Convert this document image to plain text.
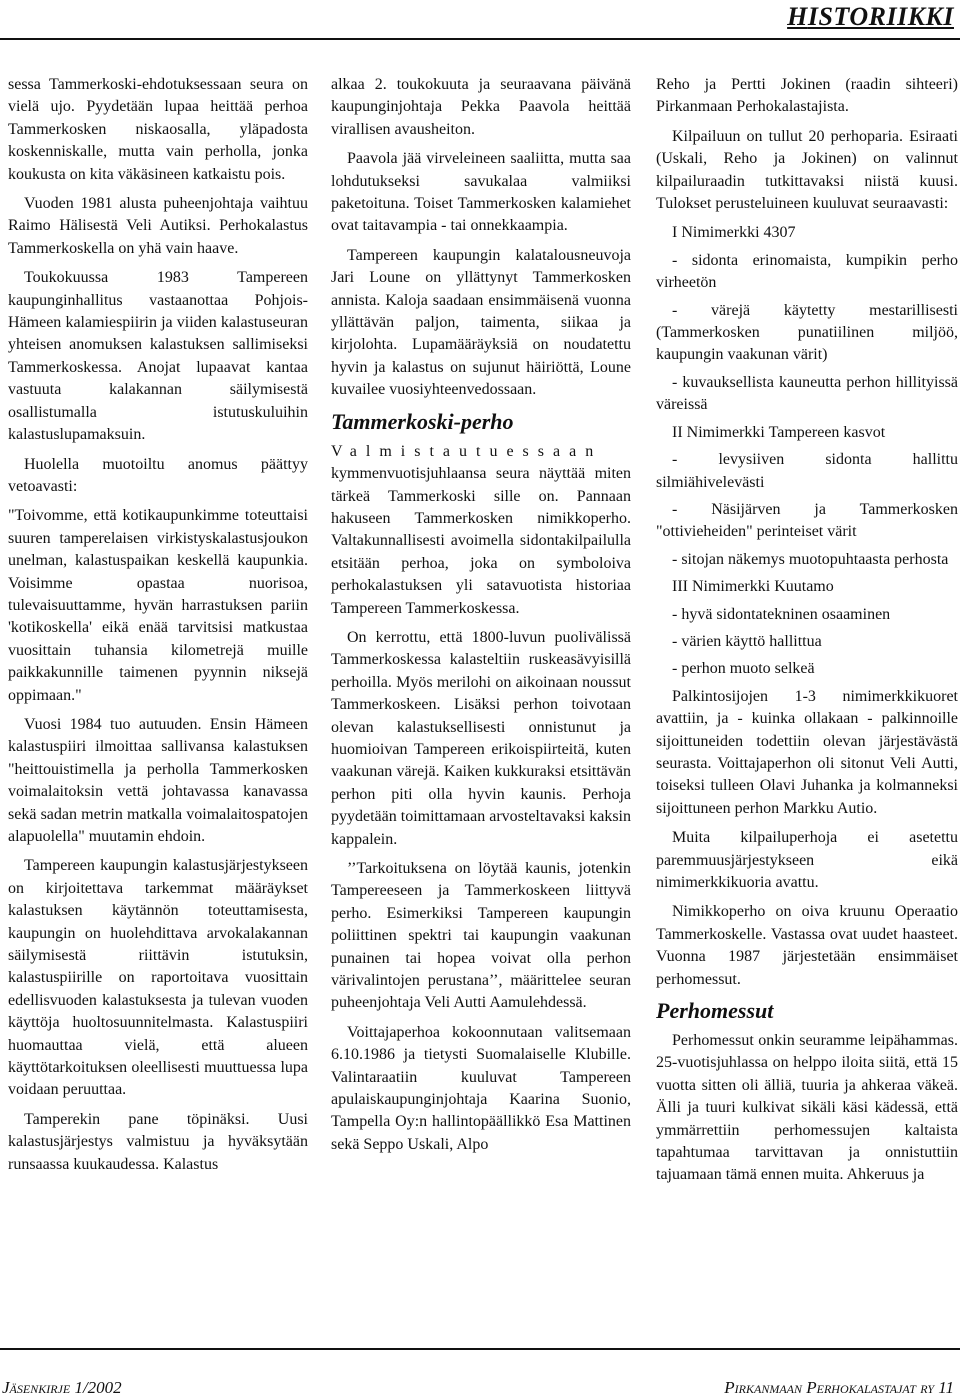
HISTORIIKKI

sessa Tammerkoski-ehdotuksessaan seura on vielä ujo. Pyydetään lupaa heittää perhoa Tammerkosken niskaosalla, yläpadosta koskenniskalle, mutta vain perholla, jonka koukusta on kita väkäsineen katkaistu pois.

Vuoden 1981 alusta puheenjohtaja vaihtuu Raimo Hälisestä Veli Autiksi. Perhokalastus Tammerkoskella on yhä vain haave.

Toukokuussa 1983 Tampereen kaupunginhallitus vastaanottaa Pohjois-Hämeen kalamiespiirin ja viiden kalastuseuran yhteisen anomuksen kalastuksen sallimiseksi Tammerkoskessa. Anojat lupaavat kantaa vastuuta kalakannan säilymisestä osallistumalla istutuskuluihin kalastuslupamaksuin.

Huolella muotoiltu anomus päättyy vetoavasti:

"Toivomme, että kotikaupunkimme toteuttaisi suuren tamperelaisen virkistyskalastusjoukon unelman, kalastuspaikan keskellä kaupunkia. Voisimme opastaa nuorisoa, tulevaisuuttamme, hyvän harrastuksen pariin 'kotikoskella' eikä enää tarvitsisi matkustaa vuosittain tuhansia kilometrejä muille paikkakunnille taimenen pyynnin niksejä oppimaan."

Vuosi 1984 tuo autuuden. Ensin Hämeen kalastuspiiri ilmoittaa sallivansa kalastuksen "heittouistimella ja perholla Tammerkosken voimalaitoksin vettä johtavassa kanavassa sekä sadan metrin matkalla voimalaitospatojen alapuolella" muutamin ehdoin.

Tampereen kaupungin kalastusjärjestykseen on kirjoitettava tarkemmat määräykset kalastuksen käytännön toteuttamisesta, kaupungin on huolehdittava arvokalakannan säilymisestä riittävin istutuksin, kalastuspiirille on raportoitava vuosittain edellisvuoden kalastuksesta ja tulevan vuoden käyttöja huoltosuunnitelmasta. Kalastuspiiri huomauttaa vielä, että alueen käyttötarkoituksen oleellisesti muuttuessa lupa voidaan peruuttaa.

Tamperekin pane töpinäksi. Uusi kalastusjärjestys valmistuu ja hyväksytään runsaassa kuukaudessa. Kalastus

alkaa 2. toukokuuta ja seuraavana päivänä kaupunginjohtaja Pekka Paavola heittää virallisen avausheiton.

Paavola jää virveleineen saaliitta, mutta saa lohdutukseksi savukalaa valmiiksi paketoituna. Toiset Tammerkosken kalamiehet ovat taitavampia - tai onnekkaampia.

Tampereen kaupungin kalatalousneuvoja Jari Loune on yllättynyt Tammerkosken annista. Kaloja saadaan ensimmäisenä vuonna yllättävän paljon, taimenta, siikaa ja kirjolohta. Lupamääräyksiä on noudatettu hyvin ja kalastus on sujunut häiriöttä, Loune kuvailee vuosiyhteenvedossaan.

Tammerkoski-perho

Valmistautuessaan kymmenvuotisjuhlaansa seura näyttää miten tärkeä Tammerkoski sille on. Pannaan hakuseen Tammerkosken nimikkoperho. Valtakunnallisesti avoimella sidontakilpailulla etsitään perhoa, joka on symboloiva perhokalastuksen yli satavuotista historiaa Tampereen Tammerkoskessa.

On kerrottu, että 1800-luvun puolivälissä Tammerkoskessa kalasteltiin ruskeasävyisillä perhoilla. Myös merilohi on aikoinaan noussut Tammerkoskeen. Lisäksi perhon toivotaan olevan kalastuksellisesti onnistunut ja huomioivan Tampereen erikoispiirteitä, kuten vaakunan värejä. Kaiken kukkuraksi etsittävän perhon piti olla hyvin kaunis. Perhoja pyydetään toimittamaan arvosteltavaksi kaksin kappalein.

’’Tarkoituksena on löytää kaunis, jotenkin Tampereeseen ja Tammerkoskeen liittyvä perho. Esimerkiksi Tampereen kaupungin poliittinen spektri tai kaupungin vaakunan punainen tai hopea voivat olla perhon värivalintojen perustana’’, määrittelee seuran puheenjohtaja Veli Autti Aamulehdessä.

Voittajaperhoa kokoonnutaan valitsemaan 6.10.1986 ja tietysti Suomalaiselle Klubille. Valintaraatiin kuuluvat Tampereen apulaiskaupunginjohtaja Kaarina Suonio, Tampella Oy:n hallintopäällikkö Esa Mattinen sekä Seppo Uskali, Alpo

Reho ja Pertti Jokinen (raadin sihteeri) Pirkanmaan Perhokalastajista.

Kilpailuun on tullut 20 perhoparia. Esiraati (Uskali, Reho ja Jokinen) on valinnut kilpailuraadin tutkittavaksi niistä kuusi. Tulokset perusteluineen kuuluvat seuraavasti:

I Nimimerkki 4307

- sidonta erinomaista, kumpikin perho virheetön

- värejä käytetty mestarillisesti (Tammerkosken punatiilinen miljöö, kaupungin vaakunan värit)

- kuvauksellista kauneutta perhon hillityissä väreissä

II Nimimerkki Tampereen kasvot

- levysiiven sidonta hallittu silmiähivelevästi

- Näsijärven ja Tammerkosken "ottivieheiden" perinteiset värit

- sitojan näkemys muotopuhtaasta perhosta

III Nimimerkki Kuutamo

- hyvä sidontatekninen osaaminen

- värien käyttö hallittua

- perhon muoto selkeä

Palkintosijojen 1-3 nimimerkkikuoret avattiin, ja - kuinka ollakaan - palkinnoille sijoittuneiden todettiin olevan järjestävästä seurasta. Voittajaperhon oli sitonut Veli Autti, toiseksi tulleen Olavi Juhanka ja kolmanneksi sijoittuneen perhon Markku Autio.

Muita kilpailuperhoja ei asetettu paremmuusjärjestykseen eikä nimimerkkikuoria avattu.

Nimikkoperho on oiva kruunu Operaatio Tammerkoskelle. Vastassa ovat uudet haasteet. Vuonna 1987 järjestetään ensimmäiset perhomessut.

Perhomessut

Perhomessut onkin seuramme leipähammas. 25-vuotisjuhlassa on helppo iloita siitä, että 15 vuotta sitten oli älliä, tuuria ja ahkeraa väkeä. Älli ja tuuri kulkivat sikäli käsi kädessä, että ymmärrettiin perhomessujen kaltaista tapahtumaa tarvittavan ja onnistuttiin tajuamaan tämä ennen muita. Ahkeruus ja

Jäsenkirje 1/2002	Pirkanmaan Perhokalastajat ry 11
